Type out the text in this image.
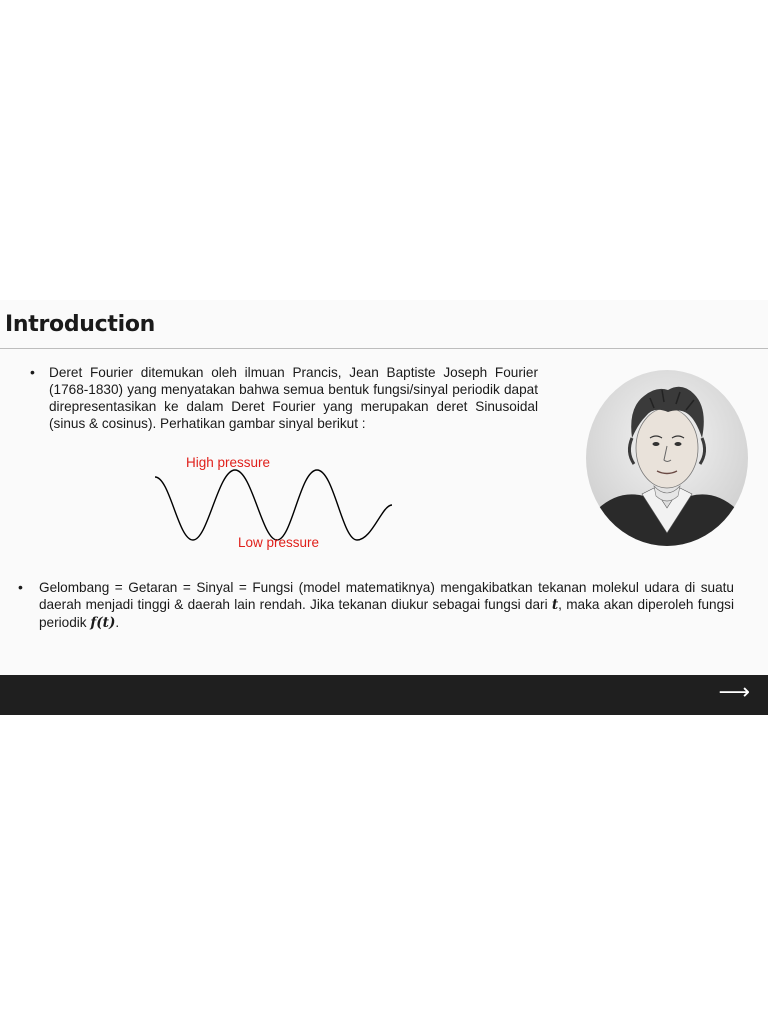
Introduction
• Deret Fourier ditemukan oleh ilmuan Prancis, Jean Baptiste Joseph Fourier (1768-1830) yang menyatakan bahwa semua bentuk fungsi/sinyal periodik dapat direpresentasikan ke dalam Deret Fourier yang merupakan deret Sinusoidal (sinus & cosinus). Perhatikan gambar sinyal berikut :

High pressure
Low pressure
• Gelombang = Getaran = Sinyal = Fungsi (model matematiknya) mengakibatkan tekanan molekul udara di suatu daerah menjadi tinggi & daerah lain rendah. Jika tekanan diukur sebagai fungsi dari t, maka akan diperoleh fungsi periodik f(t).

⟶
